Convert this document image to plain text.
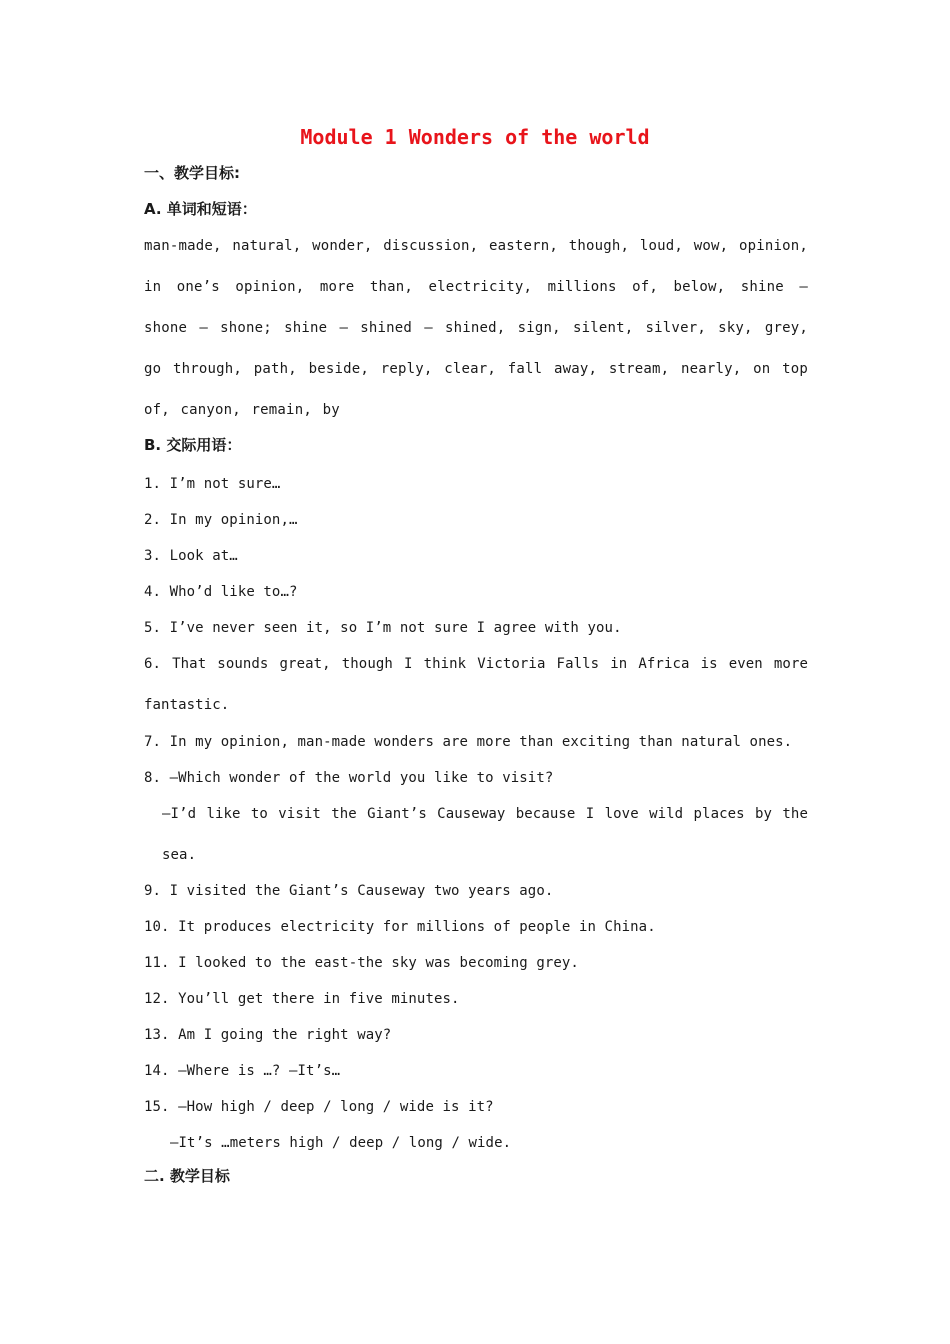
Module 1 Wonders of the world

一、教学目标:

A. 单词和短语：

man-made, natural, wonder, discussion, eastern, though, loud, wow, opinion, in one’s opinion, more than, electricity, millions of, below, shine – shone – shone; shine – shined – shined, sign, silent, silver, sky, grey, go through, path, beside, reply, clear, fall away, stream, nearly, on top of, canyon, remain, by

B. 交际用语：

1. I’m not sure…

2. In my opinion,…

3. Look at…

4. Who’d like to…?

5. I’ve never seen it, so I’m not sure I agree with you.

6. That sounds great, though I think Victoria Falls in Africa is even more fantastic.

7. In my opinion, man-made wonders are more than exciting than natural ones.

8. —Which wonder of the world you like to visit?

—I’d like to visit the Giant’s Causeway because I love wild places by the sea.

9. I visited the Giant’s Causeway two years ago.

10. It produces electricity for millions of people in China.

11. I looked to the east-the sky was becoming grey.

12. You’ll get there in five minutes.

13. Am I going the right way?

14. —Where is …? —It’s…

15. —How high / deep / long / wide is it?

—It’s …meters high / deep / long / wide.

二. 教学目标
